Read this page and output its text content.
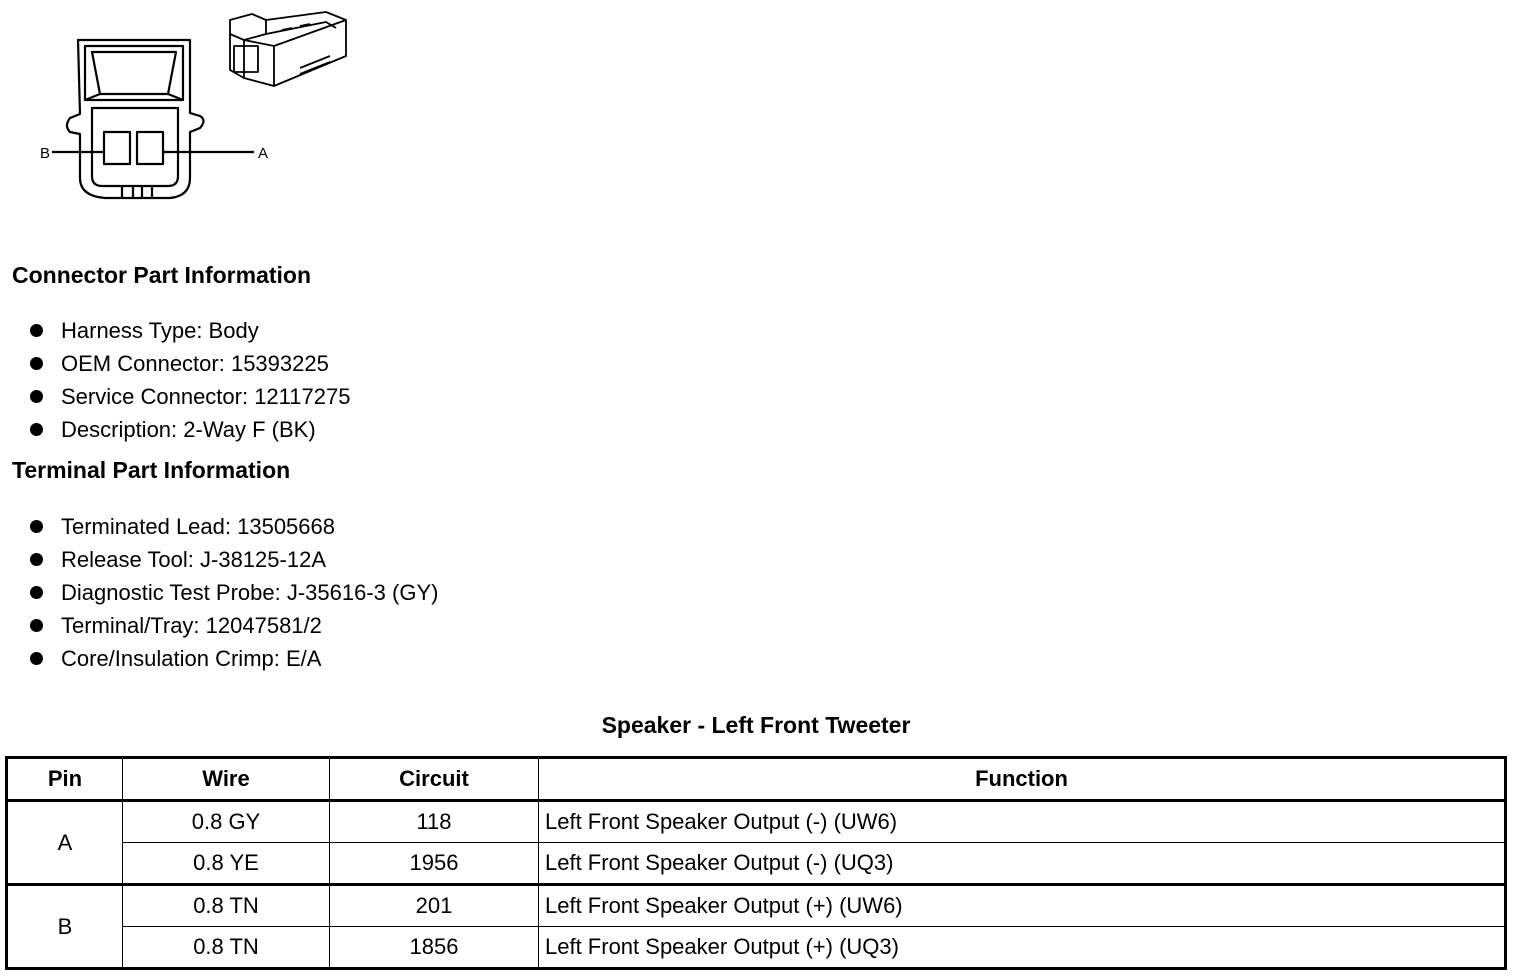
B	A
Connector Part Information
Harness Type: Body
OEM Connector: 15393225
Service Connector: 12117275
Description: 2-Way F (BK)
Terminal Part Information
Terminated Lead: 13505668
Release Tool: J-38125-12A
Diagnostic Test Probe: J-35616-3 (GY)
Terminal/Tray: 12047581/2
Core/Insulation Crimp: E/A
Speaker - Left Front Tweeter
Pin	Wire	Circuit	Function
A	0.8 GY	118	Left Front Speaker Output (-) (UW6)
	0.8 YE	1956	Left Front Speaker Output (-) (UQ3)
B	0.8 TN	201	Left Front Speaker Output (+) (UW6)
	0.8 TN	1856	Left Front Speaker Output (+) (UQ3)
